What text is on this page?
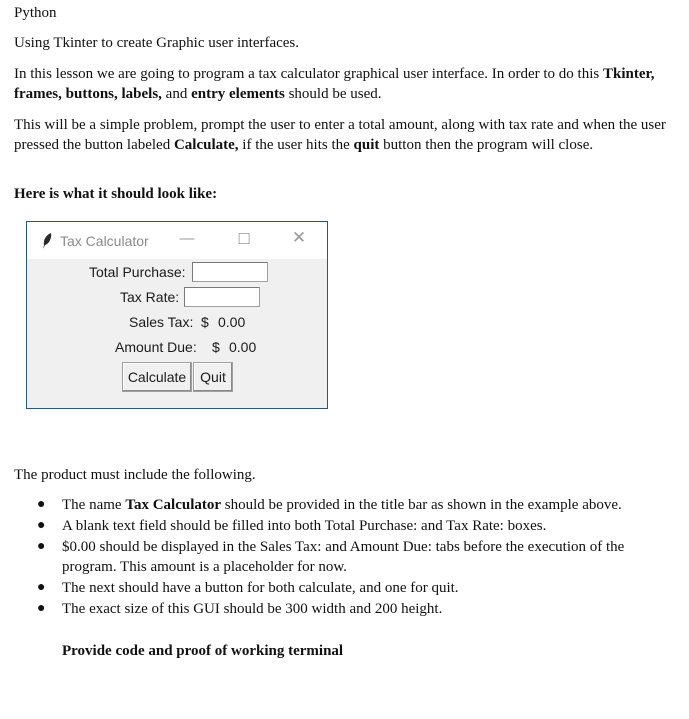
Python

Using Tkinter to create Graphic user interfaces.

In this lesson we are going to program a tax calculator graphical user interface. In order to do this Tkinter, frames, buttons, labels, and entry elements should be used.

This will be a simple problem, prompt the user to enter a total amount, along with tax rate and when the user pressed the button labeled Calculate, if the user hits the quit button then the program will close.

Here is what it should look like:

Tax Calculator —	☐ ✕
Total Purchase:
Tax Rate:
Sales Tax: $ 0.00
Amount Due: $ 0.00
Calculate Quit

The product must include the following.

● The name Tax Calculator should be provided in the title bar as shown in the example above.
● A blank text field should be filled into both Total Purchase: and Tax Rate: boxes.
● $0.00 should be displayed in the Sales Tax: and Amount Due: tabs before the execution of the program. This amount is a placeholder for now.
● The next should have a button for both calculate, and one for quit.
● The exact size of this GUI should be 300 width and 200 height.
Provide code and proof of working terminal
